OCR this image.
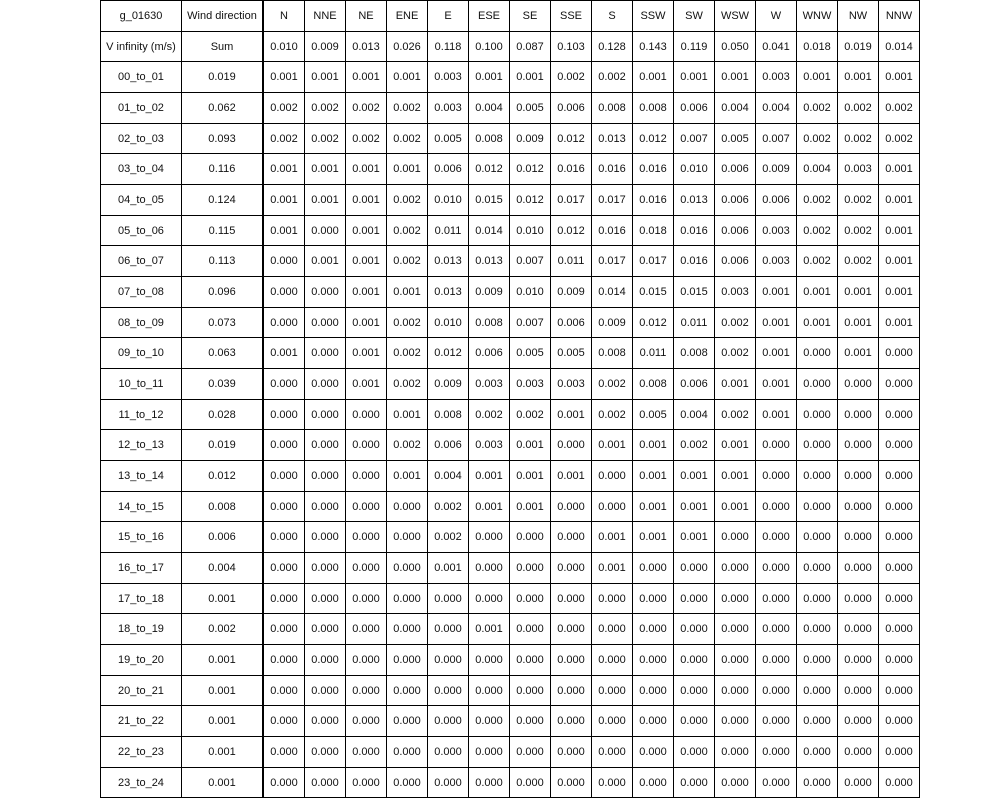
g_01630	Wind direction	N	NNE	NE	ENE	E	ESE	SE	SSE	S	SSW	SW	WSW	W	WNW	NW	NNW
V infinity (m/s)	Sum	0.010	0.009	0.013	0.026	0.118	0.100	0.087	0.103	0.128	0.143	0.119	0.050	0.041	0.018	0.019	0.014
00_to_01	0.019	0.001	0.001	0.001	0.001	0.003	0.001	0.001	0.002	0.002	0.001	0.001	0.001	0.003	0.001	0.001	0.001
01_to_02	0.062	0.002	0.002	0.002	0.002	0.003	0.004	0.005	0.006	0.008	0.008	0.006	0.004	0.004	0.002	0.002	0.002
02_to_03	0.093	0.002	0.002	0.002	0.002	0.005	0.008	0.009	0.012	0.013	0.012	0.007	0.005	0.007	0.002	0.002	0.002
03_to_04	0.116	0.001	0.001	0.001	0.001	0.006	0.012	0.012	0.016	0.016	0.016	0.010	0.006	0.009	0.004	0.003	0.001
04_to_05	0.124	0.001	0.001	0.001	0.002	0.010	0.015	0.012	0.017	0.017	0.016	0.013	0.006	0.006	0.002	0.002	0.001
05_to_06	0.115	0.001	0.000	0.001	0.002	0.011	0.014	0.010	0.012	0.016	0.018	0.016	0.006	0.003	0.002	0.002	0.001
06_to_07	0.113	0.000	0.001	0.001	0.002	0.013	0.013	0.007	0.011	0.017	0.017	0.016	0.006	0.003	0.002	0.002	0.001
07_to_08	0.096	0.000	0.000	0.001	0.001	0.013	0.009	0.010	0.009	0.014	0.015	0.015	0.003	0.001	0.001	0.001	0.001
08_to_09	0.073	0.000	0.000	0.001	0.002	0.010	0.008	0.007	0.006	0.009	0.012	0.011	0.002	0.001	0.001	0.001	0.001
09_to_10	0.063	0.001	0.000	0.001	0.002	0.012	0.006	0.005	0.005	0.008	0.011	0.008	0.002	0.001	0.000	0.001	0.000
10_to_11	0.039	0.000	0.000	0.001	0.002	0.009	0.003	0.003	0.003	0.002	0.008	0.006	0.001	0.001	0.000	0.000	0.000
11_to_12	0.028	0.000	0.000	0.000	0.001	0.008	0.002	0.002	0.001	0.002	0.005	0.004	0.002	0.001	0.000	0.000	0.000
12_to_13	0.019	0.000	0.000	0.000	0.002	0.006	0.003	0.001	0.000	0.001	0.001	0.002	0.001	0.000	0.000	0.000	0.000
13_to_14	0.012	0.000	0.000	0.000	0.001	0.004	0.001	0.001	0.001	0.000	0.001	0.001	0.001	0.000	0.000	0.000	0.000
14_to_15	0.008	0.000	0.000	0.000	0.000	0.002	0.001	0.001	0.000	0.000	0.001	0.001	0.001	0.000	0.000	0.000	0.000
15_to_16	0.006	0.000	0.000	0.000	0.000	0.002	0.000	0.000	0.000	0.001	0.001	0.001	0.000	0.000	0.000	0.000	0.000
16_to_17	0.004	0.000	0.000	0.000	0.000	0.001	0.000	0.000	0.000	0.001	0.000	0.000	0.000	0.000	0.000	0.000	0.000
17_to_18	0.001	0.000	0.000	0.000	0.000	0.000	0.000	0.000	0.000	0.000	0.000	0.000	0.000	0.000	0.000	0.000	0.000
18_to_19	0.002	0.000	0.000	0.000	0.000	0.000	0.001	0.000	0.000	0.000	0.000	0.000	0.000	0.000	0.000	0.000	0.000
19_to_20	0.001	0.000	0.000	0.000	0.000	0.000	0.000	0.000	0.000	0.000	0.000	0.000	0.000	0.000	0.000	0.000	0.000
20_to_21	0.001	0.000	0.000	0.000	0.000	0.000	0.000	0.000	0.000	0.000	0.000	0.000	0.000	0.000	0.000	0.000	0.000
21_to_22	0.001	0.000	0.000	0.000	0.000	0.000	0.000	0.000	0.000	0.000	0.000	0.000	0.000	0.000	0.000	0.000	0.000
22_to_23	0.001	0.000	0.000	0.000	0.000	0.000	0.000	0.000	0.000	0.000	0.000	0.000	0.000	0.000	0.000	0.000	0.000
23_to_24	0.001	0.000	0.000	0.000	0.000	0.000	0.000	0.000	0.000	0.000	0.000	0.000	0.000	0.000	0.000	0.000	0.000
